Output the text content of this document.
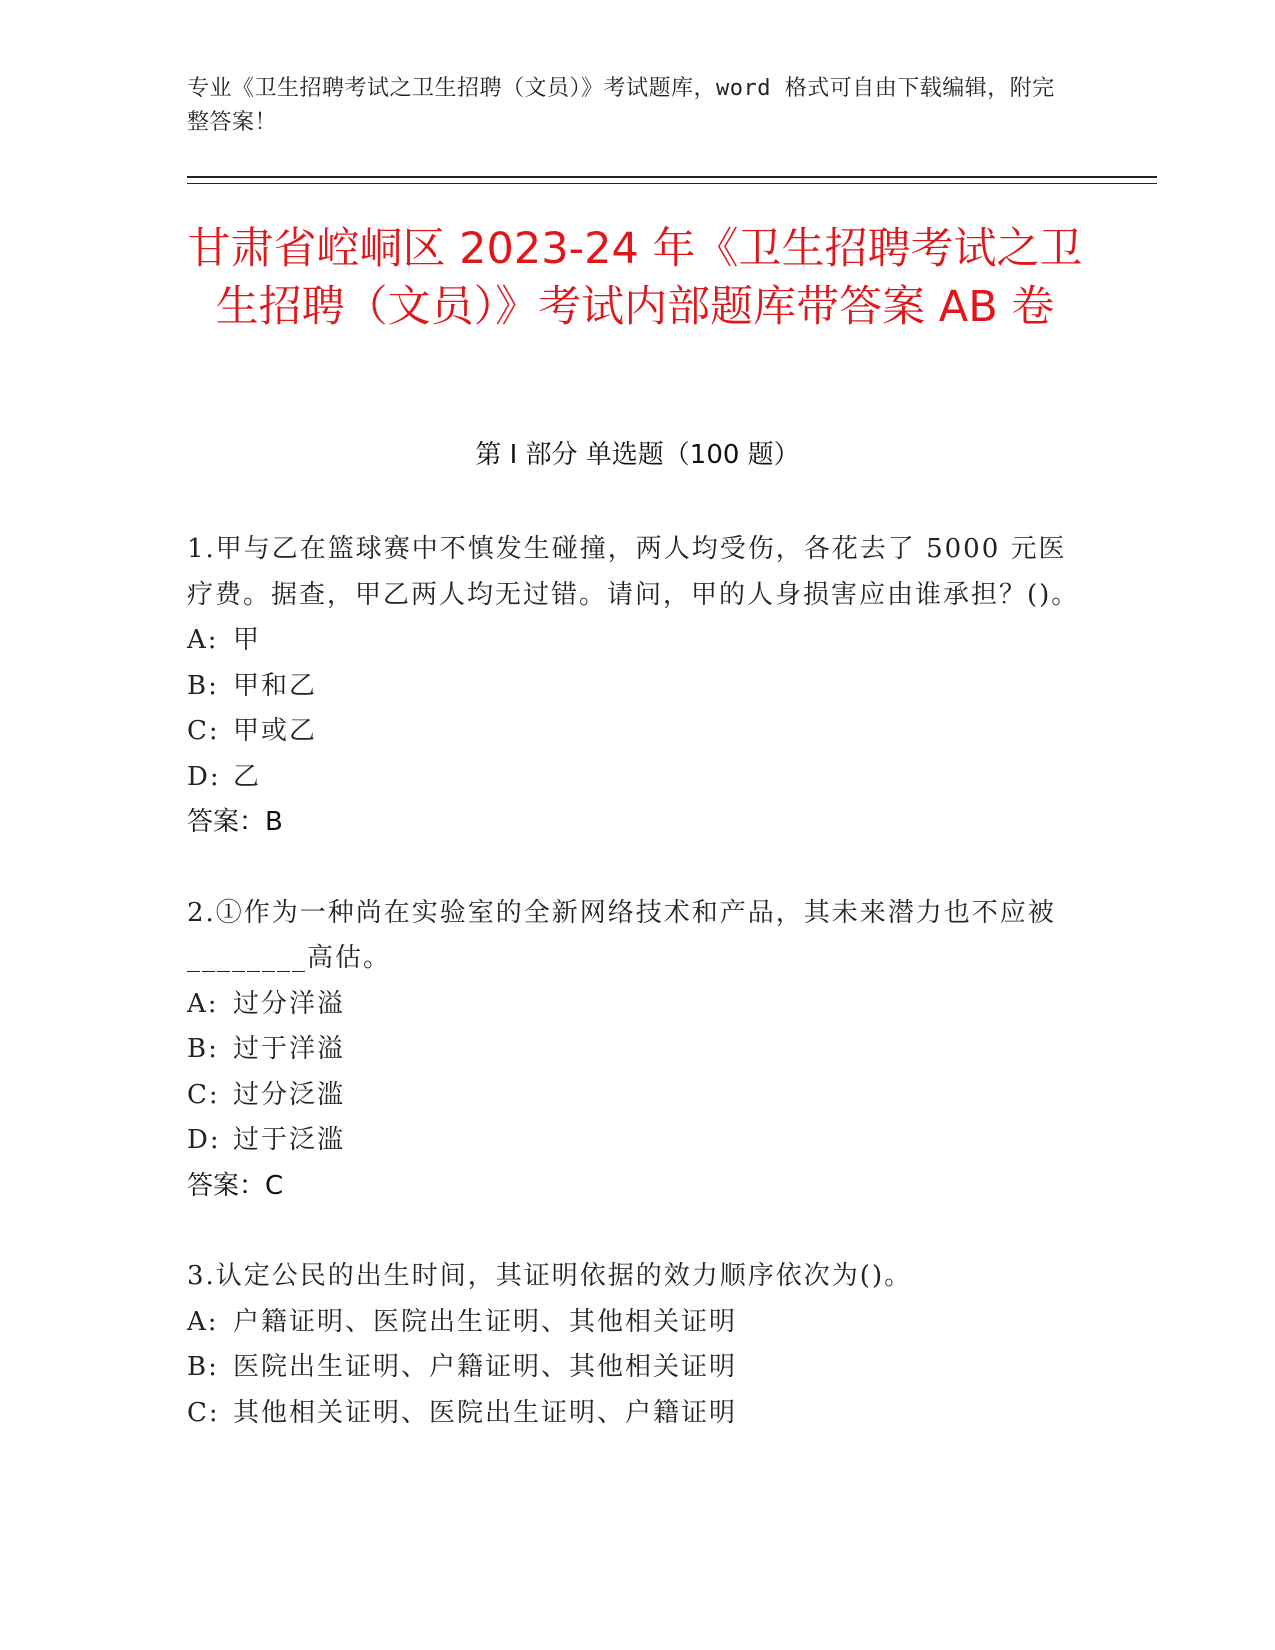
专业《卫生招聘考试之卫生招聘（文员）》考试题库，word 格式可自由下载编辑，附完整答案！
甘肃省崆峒区 2023-24 年《卫生招聘考试之卫生招聘（文员）》考试内部题库带答案 AB 卷
第 I 部分 单选题（100 题）

1.甲与乙在篮球赛中不慎发生碰撞，两人均受伤，各花去了 5000 元医疗费。据查，甲乙两人均无过错。请问，甲的人身损害应由谁承担？()。

A: 甲

B: 甲和乙

C: 甲或乙

D: 乙

答案：B

2.①作为一种尚在实验室的全新网络技术和产品，其未来潜力也不应被________高估。

A: 过分洋溢

B: 过于洋溢

C: 过分泛滥

D: 过于泛滥

答案：C

3.认定公民的出生时间，其证明依据的效力顺序依次为()。

A: 户籍证明、医院出生证明、其他相关证明

B: 医院出生证明、户籍证明、其他相关证明

C: 其他相关证明、医院出生证明、户籍证明
